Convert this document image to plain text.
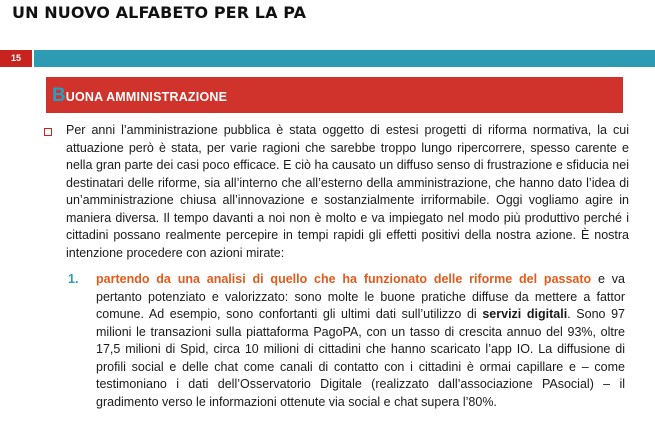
UN NUOVO ALFABETO PER LA PA
15
B UONA AMMINISTRAZIONE
Per anni l’amministrazione pubblica è stata oggetto di estesi progetti di riforma normativa, la cui attuazione però è stata, per varie ragioni che sarebbe troppo lungo ripercorrere, spesso carente e nella gran parte dei casi poco efficace. E ciò ha causato un diffuso senso di frustrazione e sfiducia nei destinatari delle riforme, sia all’interno che all’esterno della amministrazione, che hanno dato l’idea di un’amministrazione chiusa all’innovazione e sostanzialmente irriformabile. Oggi vogliamo agire in maniera diversa. Il tempo davanti a noi non è molto e va impiegato nel modo più produttivo perché i cittadini possano realmente percepire in tempi rapidi gli effetti positivi della nostra azione. È nostra intenzione procedere con azioni mirate:
1. partendo da una analisi di quello che ha funzionato delle riforme del passato e va pertanto potenziato e valorizzato: sono molte le buone pratiche diffuse da mettere a fattor comune. Ad esempio, sono confortanti gli ultimi dati sull’utilizzo di servizi digitali. Sono 97 milioni le transazioni sulla piattaforma PagoPA, con un tasso di crescita annuo del 93%, oltre 17,5 milioni di Spid, circa 10 milioni di cittadini che hanno scaricato l’app IO. La diffusione di profili social e delle chat come canali di contatto con i cittadini è ormai capillare e – come testimoniano i dati dell’Osservatorio Digitale (realizzato dall’associazione PAsocial) – il gradimento verso le informazioni ottenute via social e chat supera l’80%.
